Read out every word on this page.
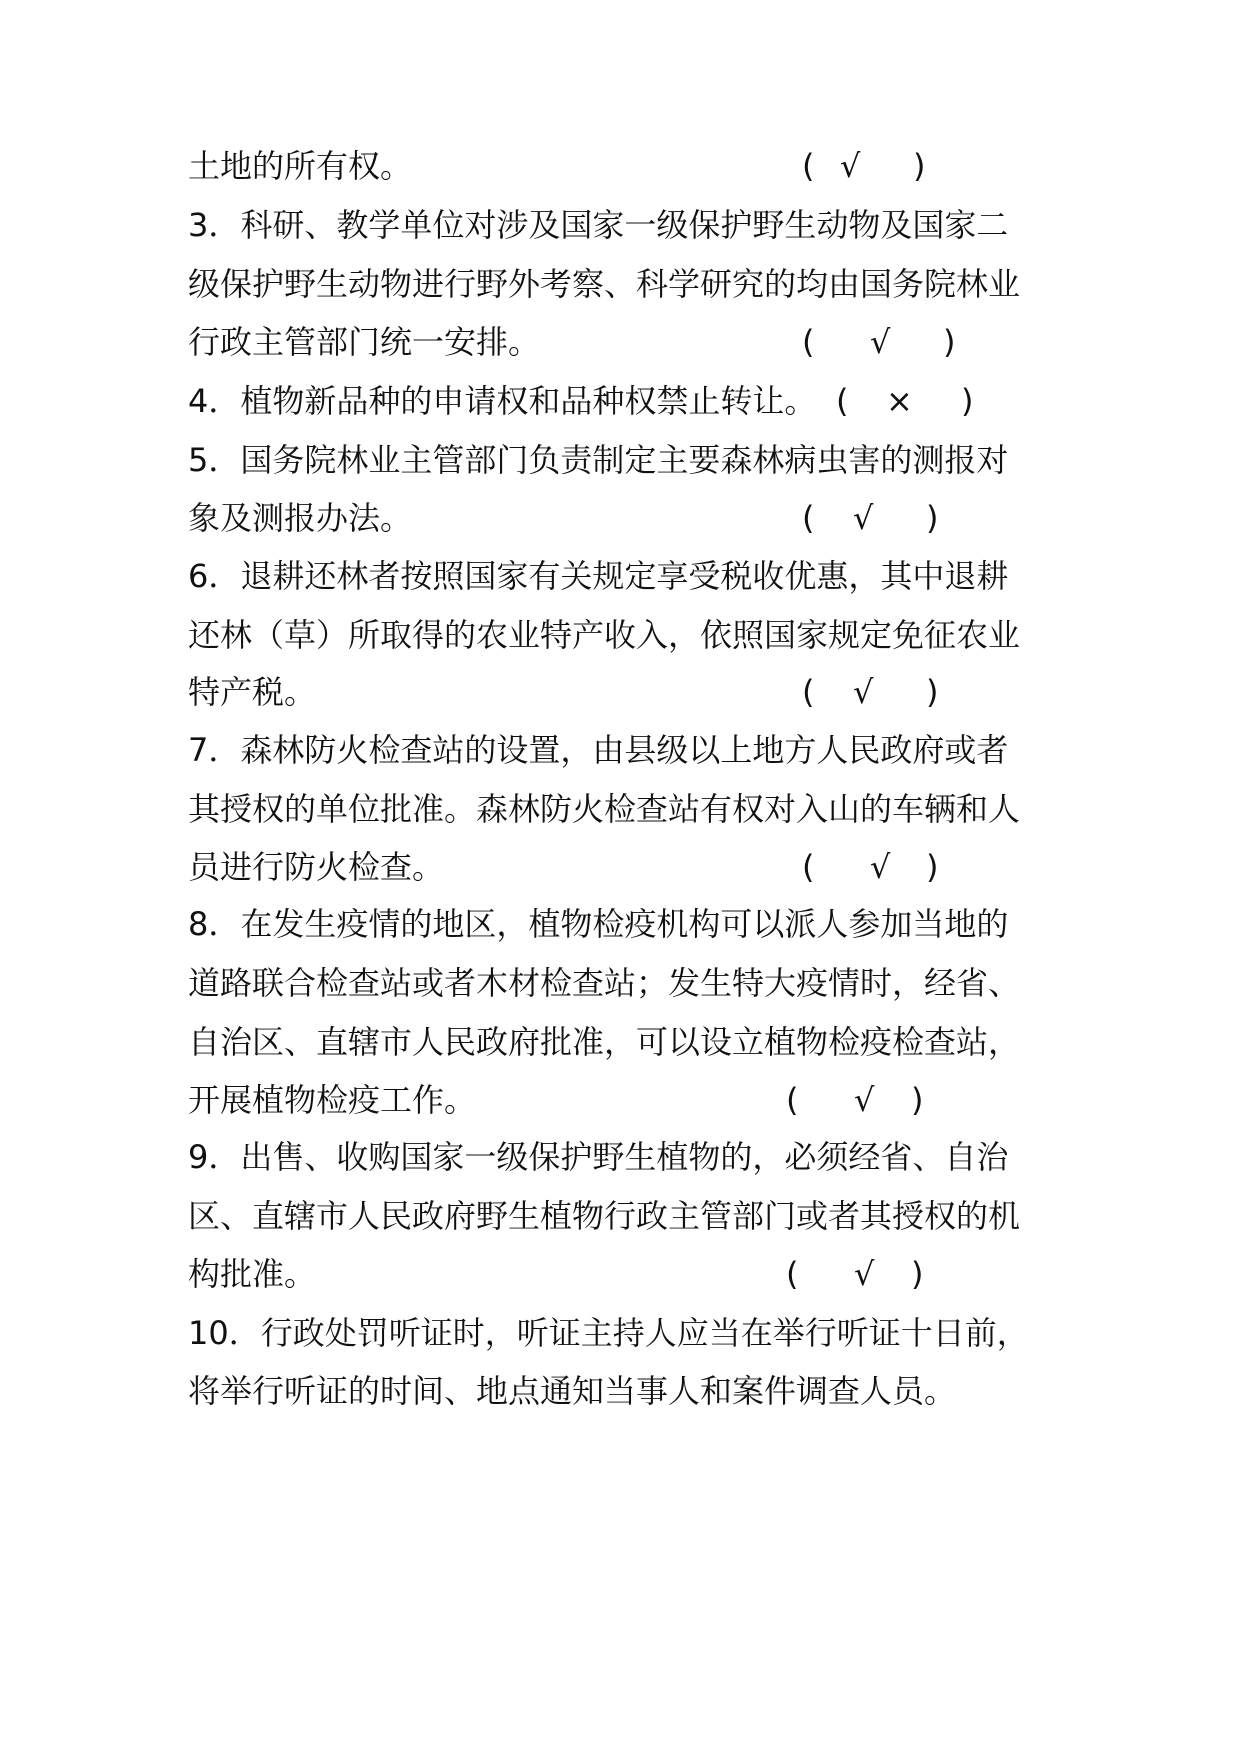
土地的所有权。	( √ )
3．科研、教学单位对涉及国家一级保护野生动物及国家二
级保护野生动物进行野外考察、科学研究的均由国务院林业
行政主管部门统一安排。	( √ )
4．植物新品种的申请权和品种权禁止转让。 ( × )
5．国务院林业主管部门负责制定主要森林病虫害的测报对
象及测报办法。	( √ )
6．退耕还林者按照国家有关规定享受税收优惠，其中退耕
还林（草）所取得的农业特产收入，依照国家规定免征农业
特产税。	( √ )
7．森林防火检查站的设置，由县级以上地方人民政府或者
其授权的单位批准。森林防火检查站有权对入山的车辆和人
员进行防火检查。	( √ )
8．在发生疫情的地区，植物检疫机构可以派人参加当地的
道路联合检查站或者木材检查站；发生特大疫情时，经省、
自治区、直辖市人民政府批准，可以设立植物检疫检查站，
开展植物检疫工作。	( √ )
9．出售、收购国家一级保护野生植物的，必须经省、自治
区、直辖市人民政府野生植物行政主管部门或者其授权的机
构批准。	( √ )
10．行政处罚听证时，听证主持人应当在举行听证十日前，
将举行听证的时间、地点通知当事人和案件调查人员。
